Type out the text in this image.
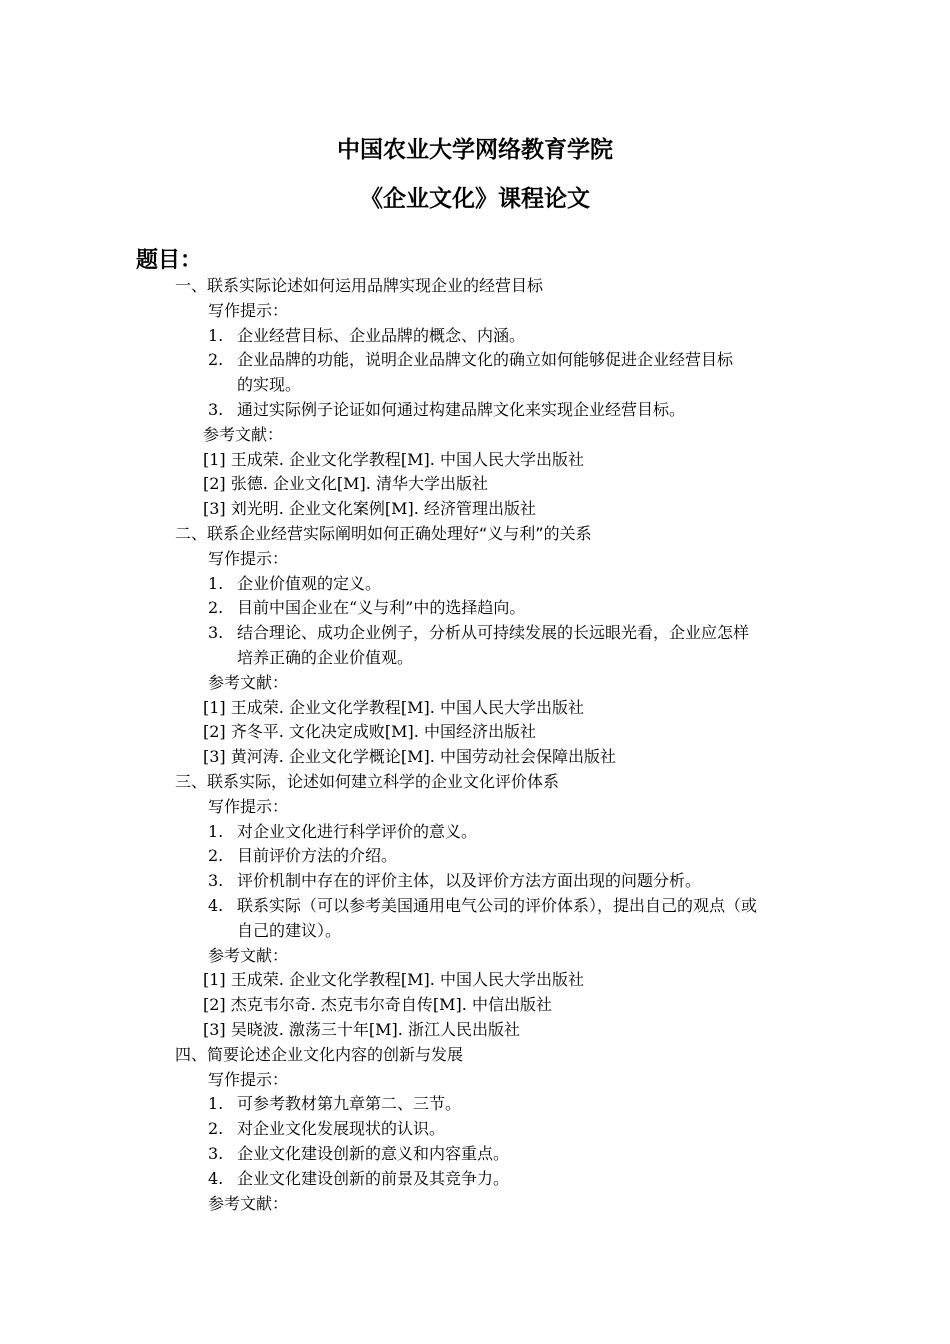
中国农业大学网络教育学院
《企业文化》课程论文
题目：
一、联系实际论述如何运用品牌实现企业的经营目标
写作提示：
1. 企业经营目标、企业品牌的概念、内涵。
2. 企业品牌的功能，说明企业品牌文化的确立如何能够促进企业经营目标
的实现。
3. 通过实际例子论证如何通过构建品牌文化来实现企业经营目标。
参考文献：
[1] 王成荣. 企业文化学教程[M]. 中国人民大学出版社
[2] 张德. 企业文化[M]. 清华大学出版社
[3] 刘光明. 企业文化案例[M]. 经济管理出版社
二、联系企业经营实际阐明如何正确处理好“义与利”的关系
写作提示：
1. 企业价值观的定义。
2. 目前中国企业在“义与利”中的选择趋向。
3. 结合理论、成功企业例子，分析从可持续发展的长远眼光看，企业应怎样
培养正确的企业价值观。
参考文献：
[1] 王成荣. 企业文化学教程[M]. 中国人民大学出版社
[2] 齐冬平. 文化决定成败[M]. 中国经济出版社
[3] 黄河涛. 企业文化学概论[M]. 中国劳动社会保障出版社
三、联系实际，论述如何建立科学的企业文化评价体系
写作提示：
1. 对企业文化进行科学评价的意义。
2. 目前评价方法的介绍。
3. 评价机制中存在的评价主体，以及评价方法方面出现的问题分析。
4. 联系实际（可以参考美国通用电气公司的评价体系），提出自己的观点（或
自己的建议）。
参考文献：
[1] 王成荣. 企业文化学教程[M]. 中国人民大学出版社
[2] 杰克韦尔奇. 杰克韦尔奇自传[M]. 中信出版社
[3] 吴晓波. 激荡三十年[M]. 浙江人民出版社
四、简要论述企业文化内容的创新与发展
写作提示：
1. 可参考教材第九章第二、三节。
2. 对企业文化发展现状的认识。
3. 企业文化建设创新的意义和内容重点。
4. 企业文化建设创新的前景及其竞争力。
参考文献：
